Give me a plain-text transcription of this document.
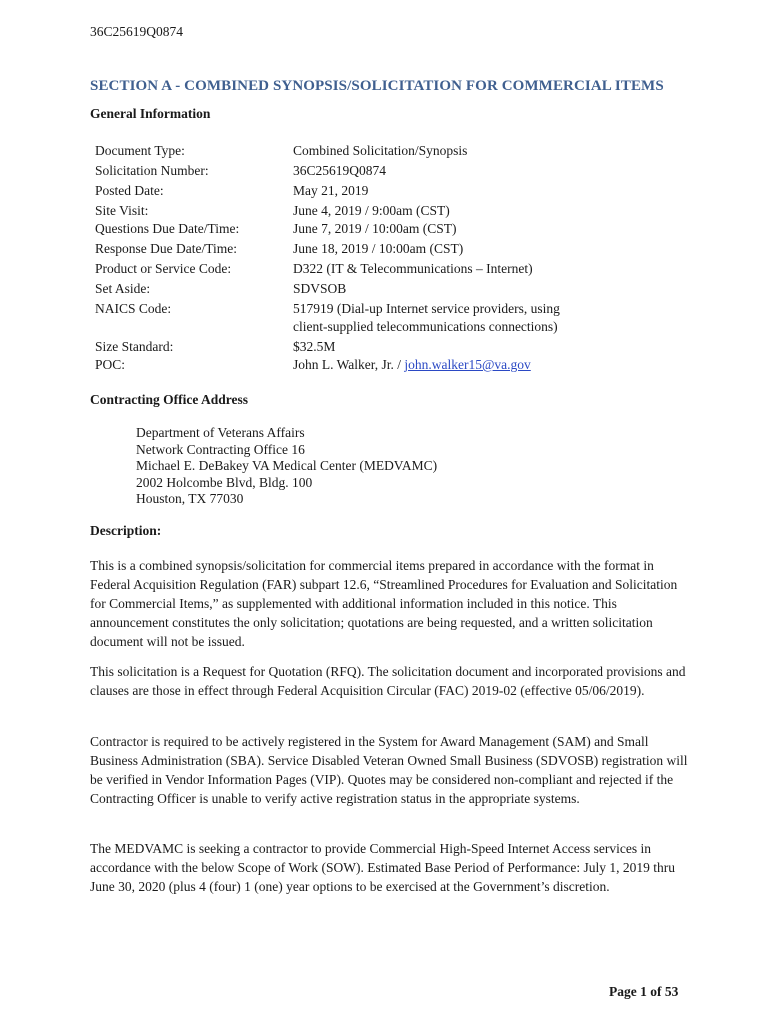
36C25619Q0874
SECTION A - COMBINED SYNOPSIS/SOLICITATION FOR COMMERCIAL ITEMS
General Information
Document Type:	Combined Solicitation/Synopsis
Solicitation Number:	36C25619Q0874
Posted Date:	May 21, 2019
Site Visit:	June 4, 2019 / 9:00am (CST)
Questions Due Date/Time:	June 7, 2019 / 10:00am (CST)
Response Due Date/Time:	June 18, 2019 / 10:00am (CST)
Product or Service Code:	D322 (IT & Telecommunications – Internet)
Set Aside:	SDVSOB
NAICS Code:	517919 (Dial-up Internet service providers, using client-supplied telecommunications connections)
Size Standard:	$32.5M
POC:	John L. Walker, Jr. / john.walker15@va.gov
Contracting Office Address
Department of Veterans Affairs
Network Contracting Office 16
Michael E. DeBakey VA Medical Center (MEDVAMC)
2002 Holcombe Blvd, Bldg. 100
Houston, TX 77030
Description:
This is a combined synopsis/solicitation for commercial items prepared in accordance with the format in Federal Acquisition Regulation (FAR) subpart 12.6, “Streamlined Procedures for Evaluation and Solicitation for Commercial Items,” as supplemented with additional information included in this notice. This announcement constitutes the only solicitation; quotations are being requested, and a written solicitation document will not be issued.
This solicitation is a Request for Quotation (RFQ). The solicitation document and incorporated provisions and clauses are those in effect through Federal Acquisition Circular (FAC) 2019-02 (effective 05/06/2019).
Contractor is required to be actively registered in the System for Award Management (SAM) and Small Business Administration (SBA). Service Disabled Veteran Owned Small Business (SDVOSB) registration will be verified in Vendor Information Pages (VIP). Quotes may be considered non-compliant and rejected if the Contracting Officer is unable to verify active registration status in the appropriate systems.
The MEDVAMC is seeking a contractor to provide Commercial High-Speed Internet Access services in accordance with the below Scope of Work (SOW). Estimated Base Period of Performance: July 1, 2019 thru June 30, 2020 (plus 4 (four) 1 (one) year options to be exercised at the Government’s discretion.
Page 1 of 53
